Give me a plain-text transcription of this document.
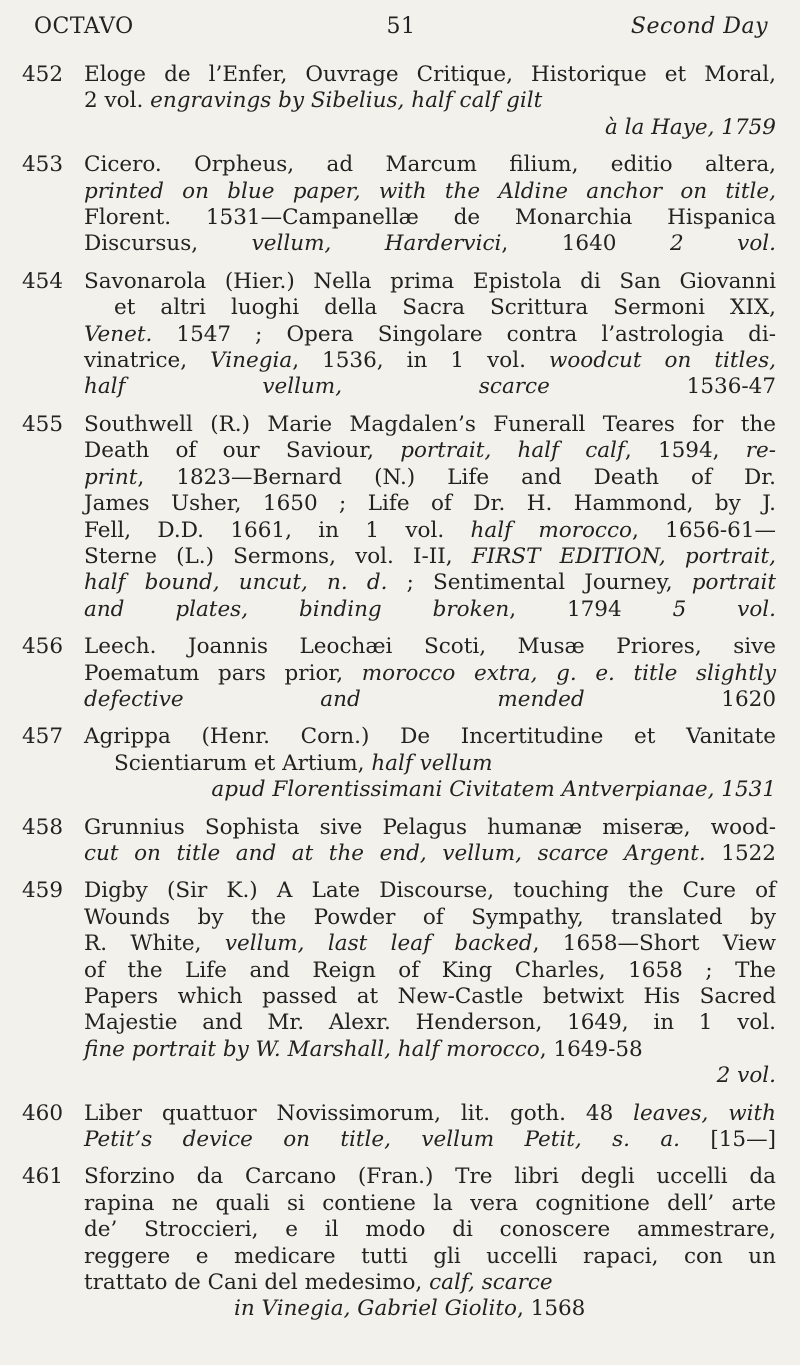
OCTAVO	51	Second Day
452 Eloge de l’Enfer, Ouvrage Critique, Historique et Moral,
2 vol. engravings by Sibelius, half calf gilt
à la Haye, 1759
453 Cicero. Orpheus, ad Marcum filium, editio altera,
printed on blue paper, with the Aldine anchor on title,
Florent. 1531—Campanellæ de Monarchia Hispanica
Discursus, vellum, Hardervici, 1640 2 vol.
454 Savonarola (Hier.) Nella prima Epistola di San Giovanni
et altri luoghi della Sacra Scrittura Sermoni XIX,
Venet. 1547 ; Opera Singolare contra l’astrologia di-
vinatrice, Vinegia, 1536, in 1 vol. woodcut on titles,
half vellum, scarce	1536-47
455 Southwell (R.) Marie Magdalen’s Funerall Teares for the
Death of our Saviour, portrait, half calf, 1594, re-
print, 1823—Bernard (N.) Life and Death of Dr.
James Usher, 1650 ; Life of Dr. H. Hammond, by J.
Fell, D.D. 1661, in 1 vol. half morocco, 1656-61—
Sterne (L.) Sermons, vol. I-II, FIRST EDITION, portrait,
half bound, uncut, n. d. ; Sentimental Journey, portrait
and plates, binding broken, 1794 5 vol.
456 Leech. Joannis Leochæi Scoti, Musæ Priores, sive
Poematum pars prior, morocco extra, g. e. title slightly
defective and mended	1620
457 Agrippa (Henr. Corn.) De Incertitudine et Vanitate
Scientiarum et Artium, half vellum
apud Florentissimani Civitatem Antverpianae, 1531
458 Grunnius Sophista sive Pelagus humanæ miseræ, wood-
cut on title and at the end, vellum, scarce Argent. 1522
459 Digby (Sir K.) A Late Discourse, touching the Cure of
Wounds by the Powder of Sympathy, translated by
R. White, vellum, last leaf backed, 1658—Short View
of the Life and Reign of King Charles, 1658 ; The
Papers which passed at New-Castle betwixt His Sacred
Majestie and Mr. Alexr. Henderson, 1649, in 1 vol.
fine portrait by W. Marshall, half morocco, 1649-58
2 vol.
460 Liber quattuor Novissimorum, lit. goth. 48 leaves, with
Petit’s device on title, vellum Petit, s. a. [15—]
461 Sforzino da Carcano (Fran.) Tre libri degli uccelli da
rapina ne quali si contiene la vera cognitione dell’ arte
de’ Stroccieri, e il modo di conoscere ammestrare,
reggere e medicare tutti gli uccelli rapaci, con un
trattato de Cani del medesimo, calf, scarce
in Vinegia, Gabriel Giolito, 1568
